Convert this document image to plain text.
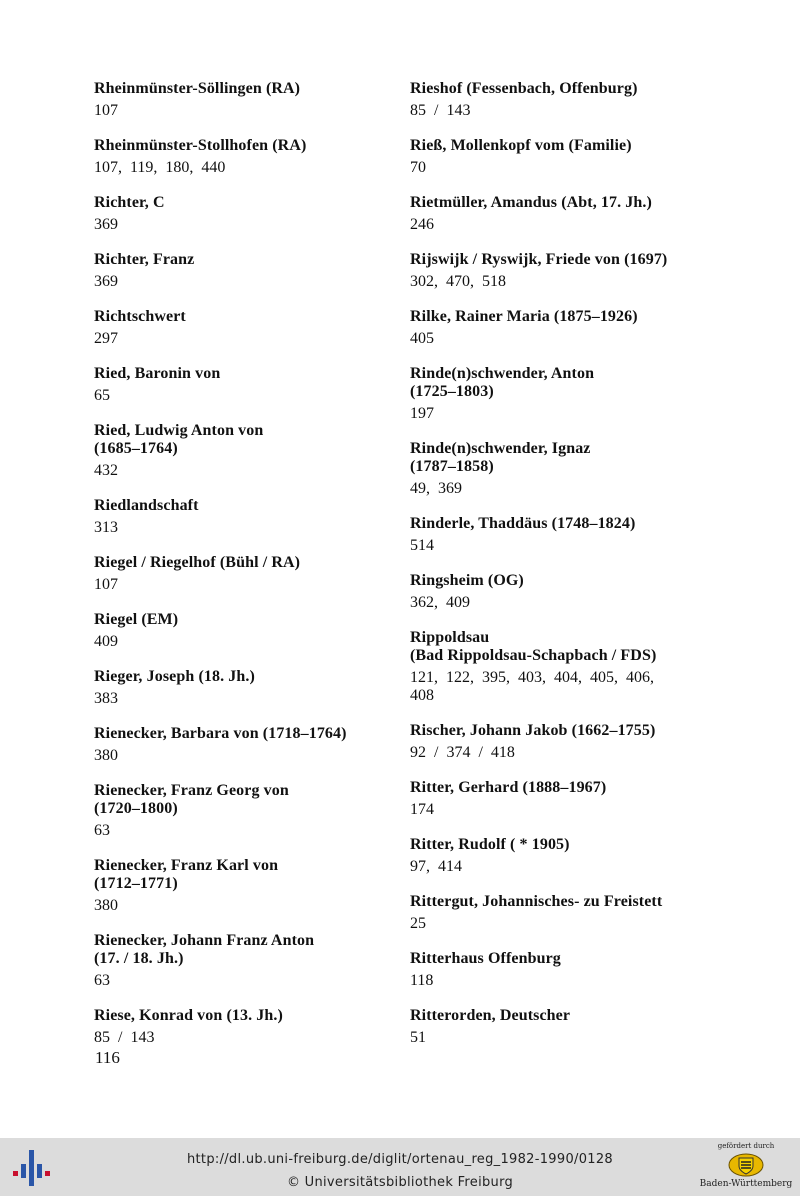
Rheinmünster-Söllingen (RA)
107
Rheinmünster-Stollhofen (RA)
107, 119, 180, 440
Richter, C
369
Richter, Franz
369
Richtschwert
297
Ried, Baronin von
65
Ried, Ludwig Anton von
(1685–1764)
432
Riedlandschaft
313
Riegel / Riegelhof (Bühl / RA)
107
Riegel (EM)
409
Rieger, Joseph (18. Jh.)
383
Rienecker, Barbara von (1718–1764)
380
Rienecker, Franz Georg von
(1720–1800)
63
Rienecker, Franz Karl von
(1712–1771)
380
Rienecker, Johann Franz Anton
(17. / 18. Jh.)
63
Riese, Konrad von (13. Jh.)
85 / 143
Rieshof (Fessenbach, Offenburg)
85 / 143
Rieß, Mollenkopf vom (Familie)
70
Rietmüller, Amandus (Abt, 17. Jh.)
246
Rijswijk / Ryswijk, Friede von (1697)
302, 470, 518
Rilke, Rainer Maria (1875–1926)
405
Rinde(n)schwender, Anton
(1725–1803)
197
Rinde(n)schwender, Ignaz
(1787–1858)
49, 369
Rinderle, Thaddäus (1748–1824)
514
Ringsheim (OG)
362, 409
Rippoldsau
(Bad Rippoldsau-Schapbach / FDS)
121, 122, 395, 403, 404, 405, 406,
408
Rischer, Johann Jakob (1662–1755)
92 / 374 / 418
Ritter, Gerhard (1888–1967)
174
Ritter, Rudolf ( * 1905)
97, 414
Rittergut, Johannisches- zu Freistett
25
Ritterhaus Offenburg
118
Ritterorden, Deutscher
51
116
http://dl.ub.uni-freiburg.de/diglit/ortenau_reg_1982-1990/0128
© Universitätsbibliothek Freiburg
gefördert durch
Baden-Württemberg
